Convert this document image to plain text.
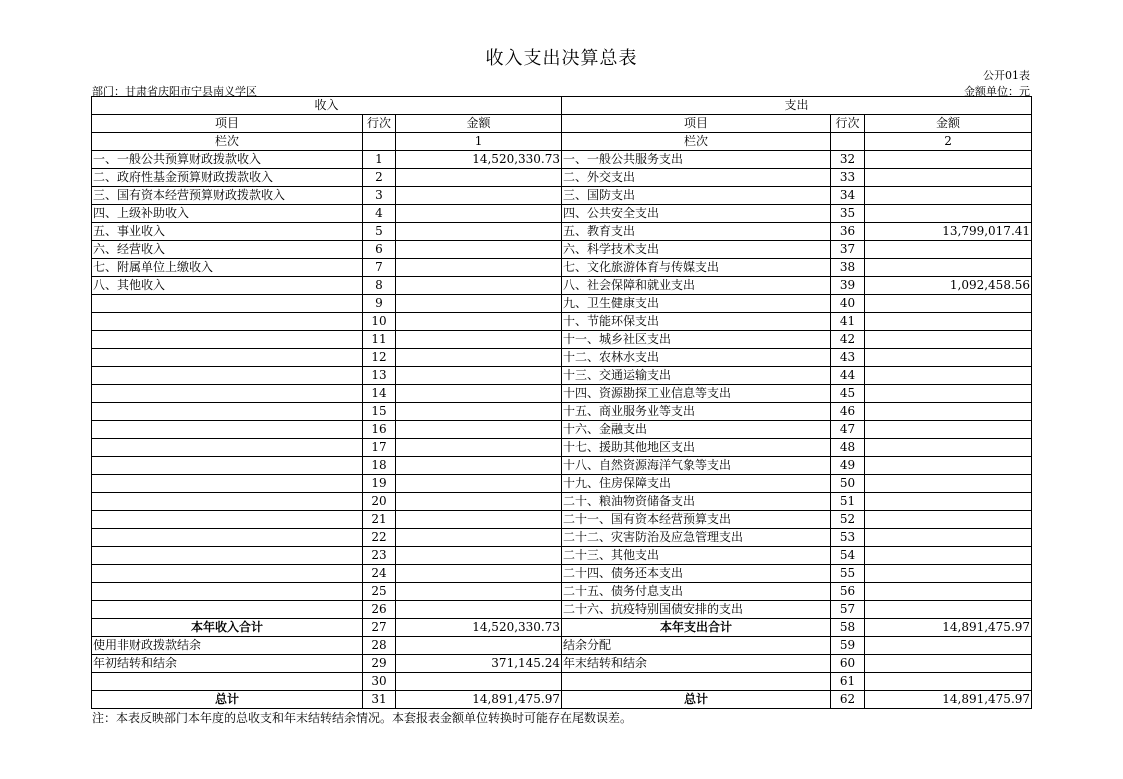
收入支出决算总表
公开01表
部门：甘肃省庆阳市宁县南义学区	金额单位：元
收入			支出		
项目	行次	金额	项目	行次	金额
栏次		1	栏次		2
一、一般公共预算财政拨款收入	1	14,520,330.73	一、一般公共服务支出	32	
二、政府性基金预算财政拨款收入	2		二、外交支出	33	
三、国有资本经营预算财政拨款收入	3		三、国防支出	34	
四、上级补助收入	4		四、公共安全支出	35	
五、事业收入	5		五、教育支出	36	13,799,017.41
六、经营收入	6		六、科学技术支出	37	
七、附属单位上缴收入	7		七、文化旅游体育与传媒支出	38	
八、其他收入	8		八、社会保障和就业支出	39	1,092,458.56
	9		九、卫生健康支出	40	
	10		十、节能环保支出	41	
	11		十一、城乡社区支出	42	
	12		十二、农林水支出	43	
	13		十三、交通运输支出	44	
	14		十四、资源勘探工业信息等支出	45	
	15		十五、商业服务业等支出	46	
	16		十六、金融支出	47	
	17		十七、援助其他地区支出	48	
	18		十八、自然资源海洋气象等支出	49	
	19		十九、住房保障支出	50	
	20		二十、粮油物资储备支出	51	
	21		二十一、国有资本经营预算支出	52	
	22		二十二、灾害防治及应急管理支出	53	
	23		二十三、其他支出	54	
	24		二十四、债务还本支出	55	
	25		二十五、债务付息支出	56	
	26		二十六、抗疫特别国债安排的支出	57	
本年收入合计	27	14,520,330.73	本年支出合计	58	14,891,475.97
使用非财政拨款结余	28		结余分配	59	
年初结转和结余	29	371,145.24	年末结转和结余	60	
	30			61	
总计	31	14,891,475.97	总计	62	14,891,475.97
注：本表反映部门本年度的总收支和年末结转结余情况。本套报表金额单位转换时可能存在尾数误差。
